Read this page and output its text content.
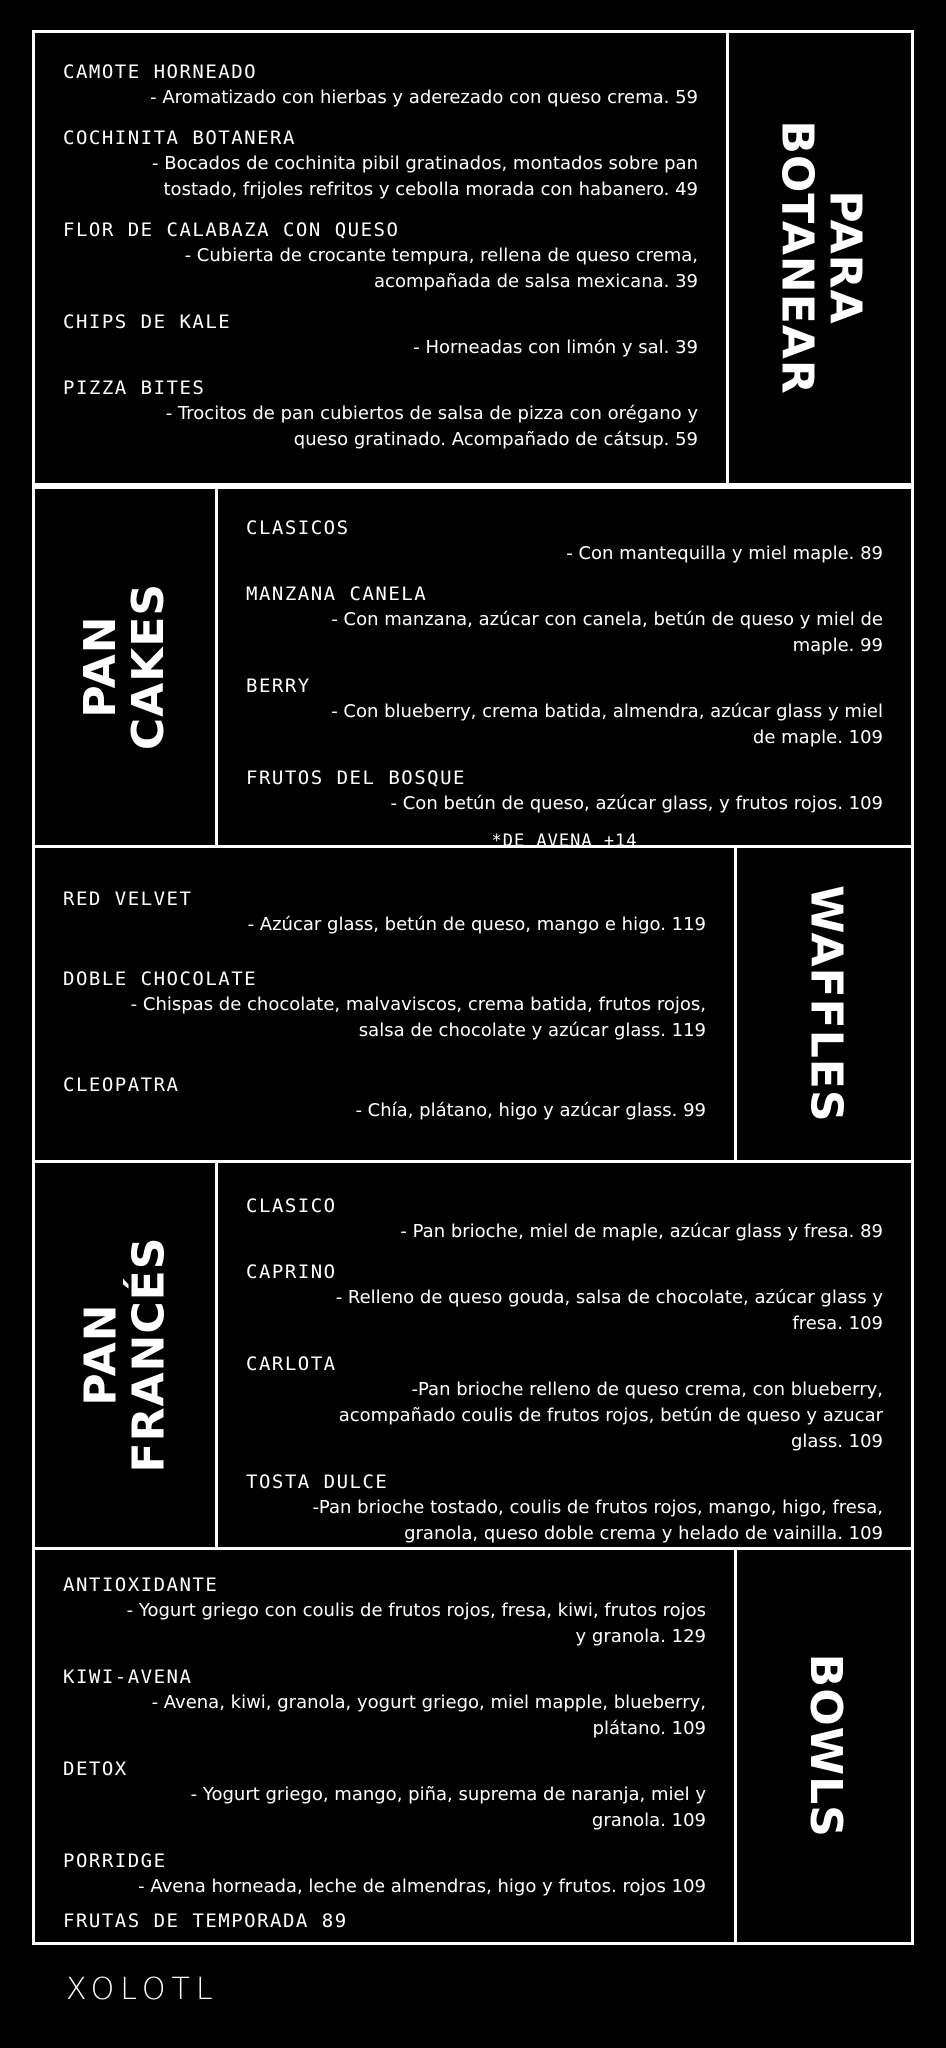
CAMOTE HORNEADO
- Aromatizado con hierbas y aderezado con queso crema. 59
COCHINITA BOTANERA
- Bocados de cochinita pibil gratinados, montados sobre pan tostado, frijoles refritos y cebolla morada con habanero. 49
FLOR DE CALABAZA CON QUESO
- Cubierta de crocante tempura, rellena de queso crema, acompañada de salsa mexicana. 39
CHIPS DE KALE
- Horneadas con limón y sal. 39
PIZZA BITES
- Trocitos de pan cubiertos de salsa de pizza con orégano y queso gratinado. Acompañado de cátsup. 59
PARA
BOTANEAR
PAN
CAKES
CLASICOS
- Con mantequilla y miel maple. 89
MANZANA CANELA
- Con manzana, azúcar con canela, betún de queso y miel de maple. 99
BERRY
- Con blueberry, crema batida, almendra, azúcar glass y miel de maple. 109
FRUTOS DEL BOSQUE
- Con betún de queso, azúcar glass, y frutos rojos. 109
*DE AVENA +14
RED VELVET
- Azúcar glass, betún de queso, mango e higo. 119
DOBLE CHOCOLATE
- Chispas de chocolate, malvaviscos, crema batida, frutos rojos, salsa de chocolate y azúcar glass. 119
CLEOPATRA
- Chía, plátano, higo y azúcar glass. 99 WAFFLES
PAN
FRANCÉS
CLASICO
- Pan brioche, miel de maple, azúcar glass y fresa. 89
CAPRINO
- Relleno de queso gouda, salsa de chocolate, azúcar glass y fresa. 109
CARLOTA
-Pan brioche relleno de queso crema, con blueberry, acompañado coulis de frutos rojos, betún de queso y azucar glass. 109
TOSTA DULCE
-Pan brioche tostado, coulis de frutos rojos, mango, higo, fresa, granola, queso doble crema y helado de vainilla. 109
ANTIOXIDANTE
- Yogurt griego con coulis de frutos rojos, fresa, kiwi, frutos rojos y granola. 129
KIWI-AVENA
- Avena, kiwi, granola, yogurt griego, miel mapple, blueberry, plátano. 109
DETOX
- Yogurt griego, mango, piña, suprema de naranja, miel y granola. 109
PORRIDGE
- Avena horneada, leche de almendras, higo y frutos. rojos 109
FRUTAS DE TEMPORADA 89
BOWLS
XOLOTL
